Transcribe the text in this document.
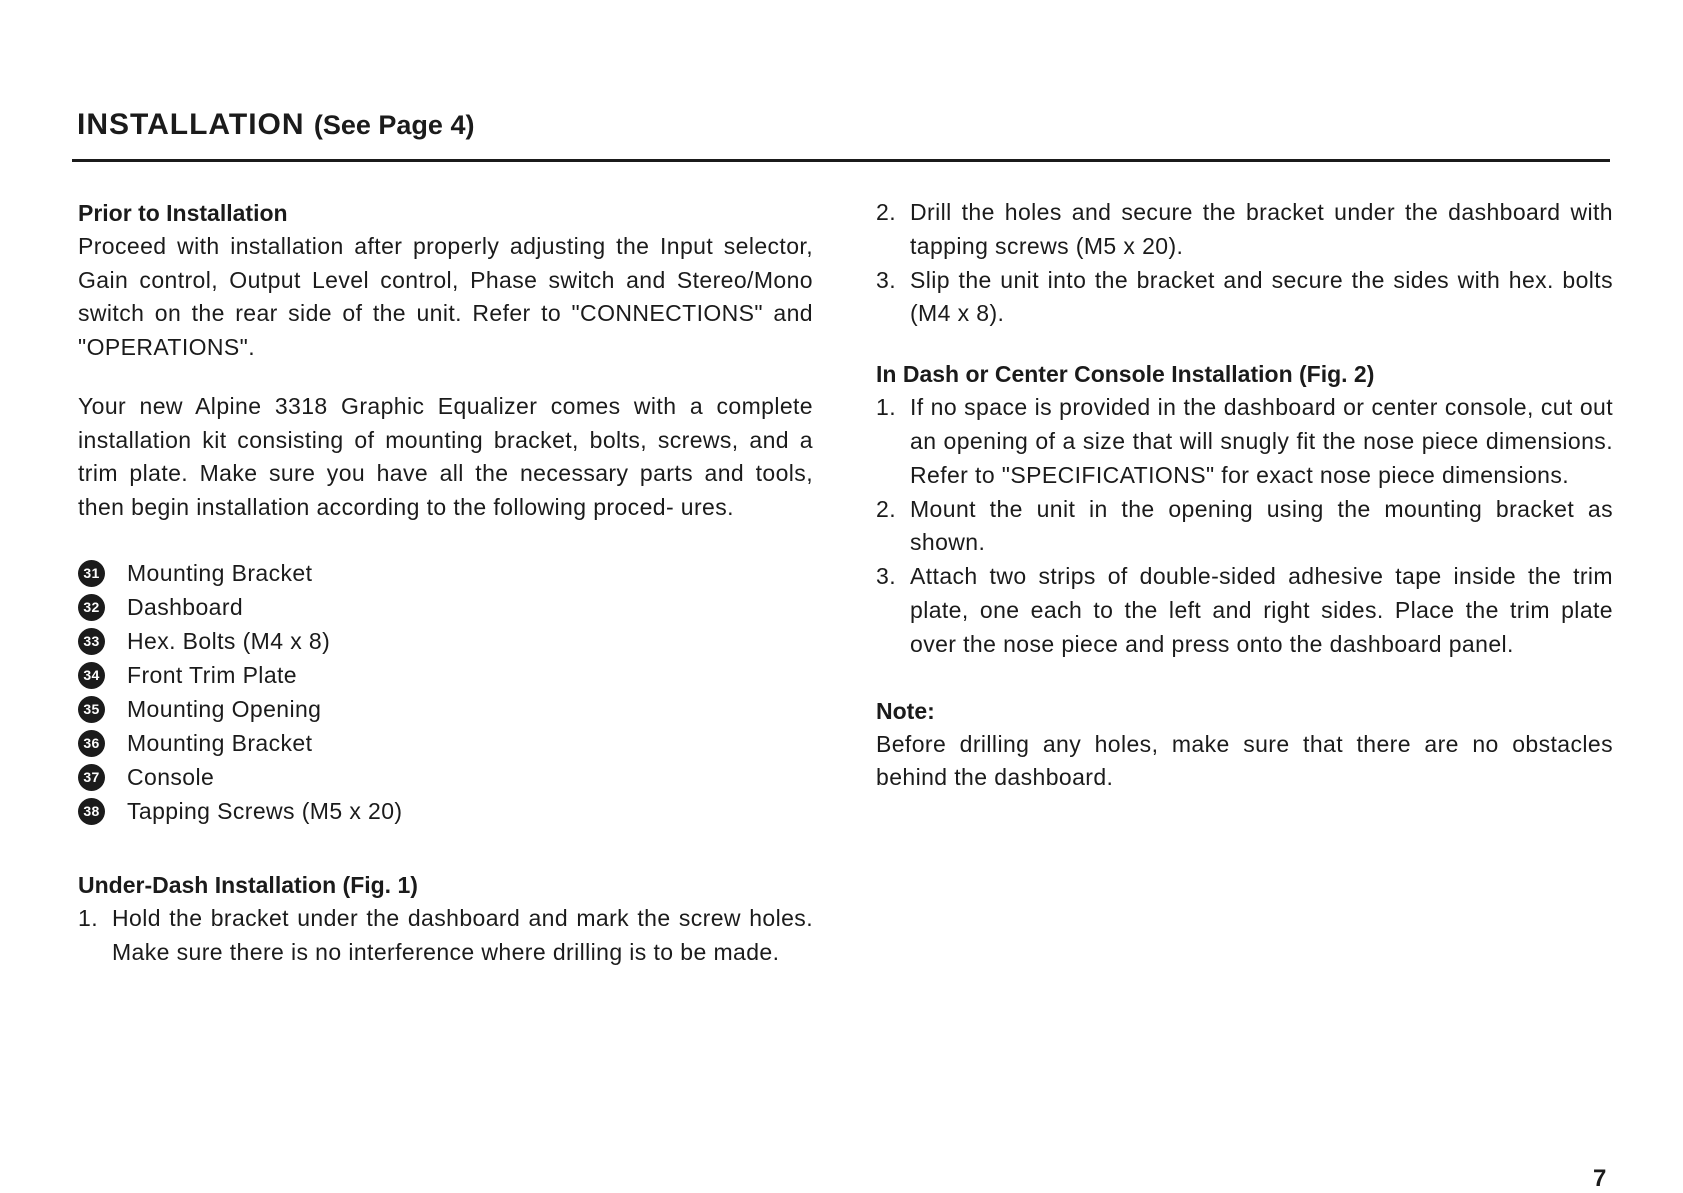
INSTALLATION (See Page 4)
Prior to Installation

Proceed with installation after properly adjusting the Input selector, Gain control, Output Level control, Phase switch and Stereo/Mono switch on the rear side of the unit. Refer to "CONNECTIONS" and "OPERATIONS".

Your new Alpine 3318 Graphic Equalizer comes with a complete installation kit consisting of mounting bracket, bolts, screws, and a trim plate. Make sure you have all the necessary parts and tools, then begin installation according to the following proced- ures.

31 Mounting Bracket
32 Dashboard
33 Hex. Bolts (M4 x 8)
34 Front Trim Plate
35 Mounting Opening
36 Mounting Bracket
37 Console
38 Tapping Screws (M5 x 20)
Under-Dash Installation (Fig. 1)
1. Hold the bracket under the dashboard and mark the screw holes. Make sure there is no interference where drilling is to be made.
2. Drill the holes and secure the bracket under the dashboard with tapping screws (M5 x 20).
3. Slip the unit into the bracket and secure the sides with hex. bolts (M4 x 8).
In Dash or Center Console Installation (Fig. 2)
1. If no space is provided in the dashboard or center console, cut out an opening of a size that will snugly fit the nose piece dimensions. Refer to "SPECIFICATIONS" for exact nose piece dimensions.
2. Mount the unit in the opening using the mounting bracket as shown.
3. Attach two strips of double-sided adhesive tape inside the trim plate, one each to the left and right sides. Place the trim plate over the nose piece and press onto the dashboard panel.
Note:

Before drilling any holes, make sure that there are no obstacles behind the dashboard.

7
